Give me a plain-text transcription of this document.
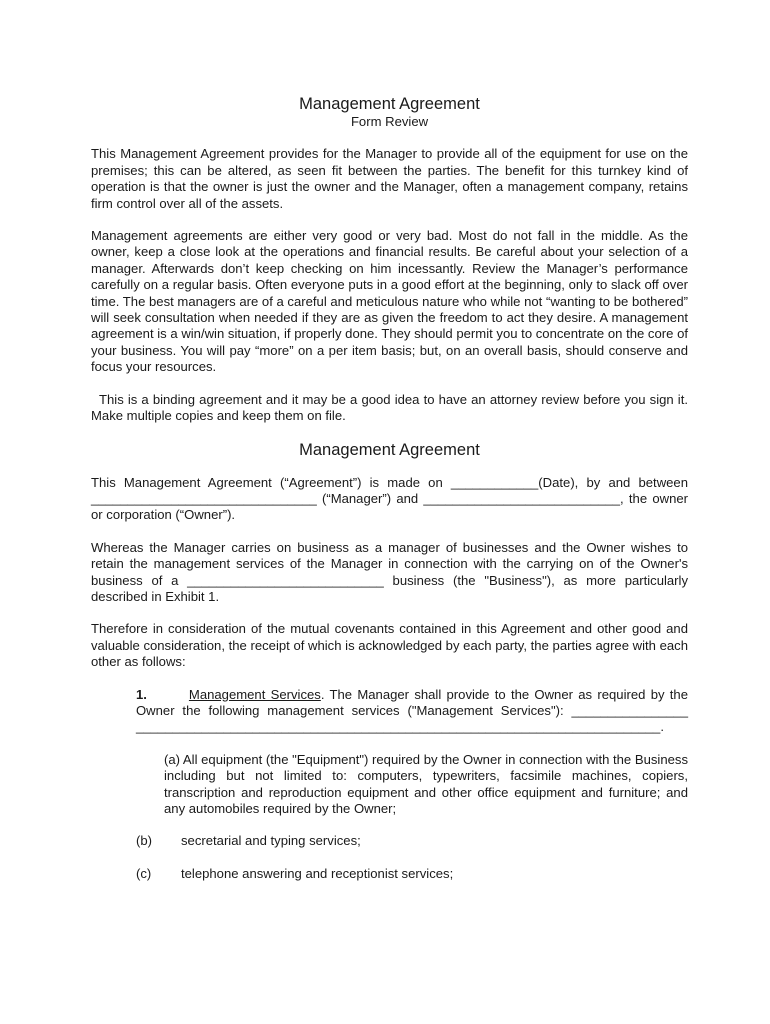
Management Agreement
Form Review

This Management Agreement provides for the Manager to provide all of the equipment for use on the premises; this can be altered, as seen fit between the parties. The benefit for this turnkey kind of operation is that the owner is just the owner and the Manager, often a management company, retains firm control over all of the assets.

Management agreements are either very good or very bad. Most do not fall in the middle. As the owner, keep a close look at the operations and financial results. Be careful about your selection of a manager. Afterwards don’t keep checking on him incessantly. Review the Manager’s performance carefully on a regular basis. Often everyone puts in a good effort at the beginning, only to slack off over time. The best managers are of a careful and meticulous nature who while not “wanting to be bothered” will seek consultation when needed if they are as given the freedom to act they desire. A management agreement is a win/win situation, if properly done. They should permit you to concentrate on the core of your business. You will pay “more” on a per item basis; but, on an overall basis, should conserve and focus your resources.

This is a binding agreement and it may be a good idea to have an attorney review before you sign it. Make multiple copies and keep them on file.

Management Agreement

This Management Agreement (“Agreement”) is made on ____________(Date), by and between _______________________________ (“Manager”) and ___________________________, the owner or corporation (“Owner”).

Whereas the Manager carries on business as a manager of businesses and the Owner wishes to retain the management services of the Manager in connection with the carrying on of the Owner's business of a ___________________________ business (the "Business"), as more particularly described in Exhibit 1.

Therefore in consideration of the mutual covenants contained in this Agreement and other good and valuable consideration, the receipt of which is acknowledged by each party, the parties agree with each other as follows:

1.	Management Services. The Manager shall provide to the Owner as required by the Owner the following management services ("Management Services"): ________________ ________________________________________________________________________.

(a) All equipment (the "Equipment") required by the Owner in connection with the Business including but not limited to: computers, typewriters, facsimile machines, copiers, transcription and reproduction equipment and other office equipment and furniture; and any automobiles required by the Owner;

(b)	secretarial and typing services;
(c)	telephone answering and receptionist services;
